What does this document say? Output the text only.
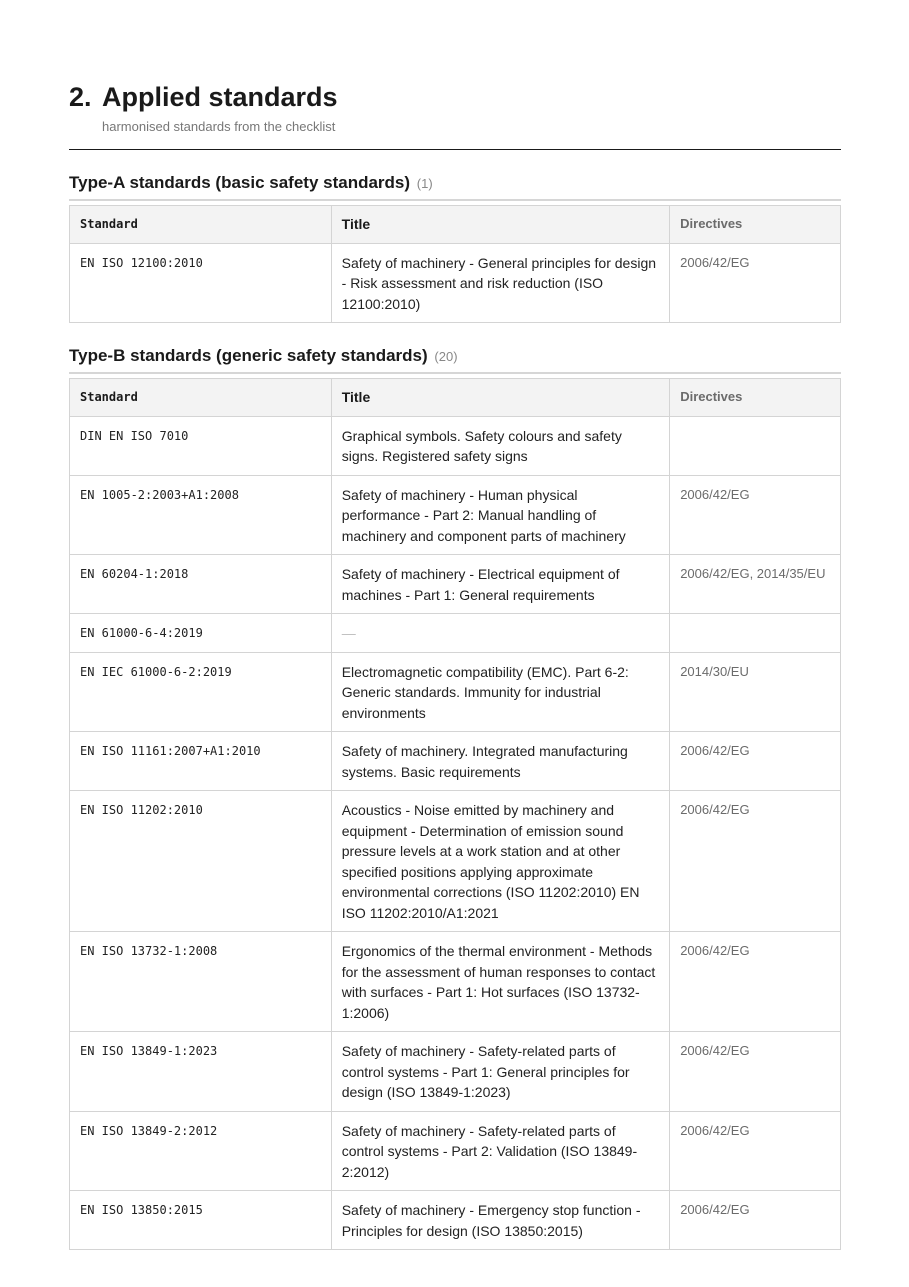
2. Applied standards
harmonised standards from the checklist
Type-A standards (basic safety standards) (1)
Standard	Title	Directives
EN ISO 12100:2010	Safety of machinery - General principles for design - Risk assessment and risk reduction (ISO 12100:2010)	2006/42/EG
Type-B standards (generic safety standards) (20)
Standard	Title	Directives
DIN EN ISO 7010	Graphical symbols. Safety colours and safety signs. Registered safety signs	
EN 1005-2:2003+A1:2008	Safety of machinery - Human physical performance - Part 2: Manual handling of machinery and component parts of machinery	2006/42/EG
EN 60204-1:2018	Safety of machinery - Electrical equipment of machines - Part 1: General requirements	2006/42/EG, 2014/35/EU
EN 61000-6-4:2019	—	
EN IEC 61000-6-2:2019	Electromagnetic compatibility (EMC). Part 6-2: Generic standards. Immunity for industrial environments	2014/30/EU
EN ISO 11161:2007+A1:2010	Safety of machinery. Integrated manufacturing systems. Basic requirements	2006/42/EG
EN ISO 11202:2010	Acoustics - Noise emitted by machinery and equipment - Determination of emission sound pressure levels at a work station and at other specified positions applying approximate environmental corrections (ISO 11202:2010) EN ISO 11202:2010/A1:2021	2006/42/EG
EN ISO 13732-1:2008	Ergonomics of the thermal environment - Methods for the assessment of human responses to contact with surfaces - Part 1: Hot surfaces (ISO 13732-1:2006)	2006/42/EG
EN ISO 13849-1:2023	Safety of machinery - Safety-related parts of control systems - Part 1: General principles for design (ISO 13849-1:2023)	2006/42/EG
EN ISO 13849-2:2012	Safety of machinery - Safety-related parts of control systems - Part 2: Validation (ISO 13849-2:2012)	2006/42/EG
EN ISO 13850:2015	Safety of machinery - Emergency stop function - Principles for design (ISO 13850:2015)	2006/42/EG
